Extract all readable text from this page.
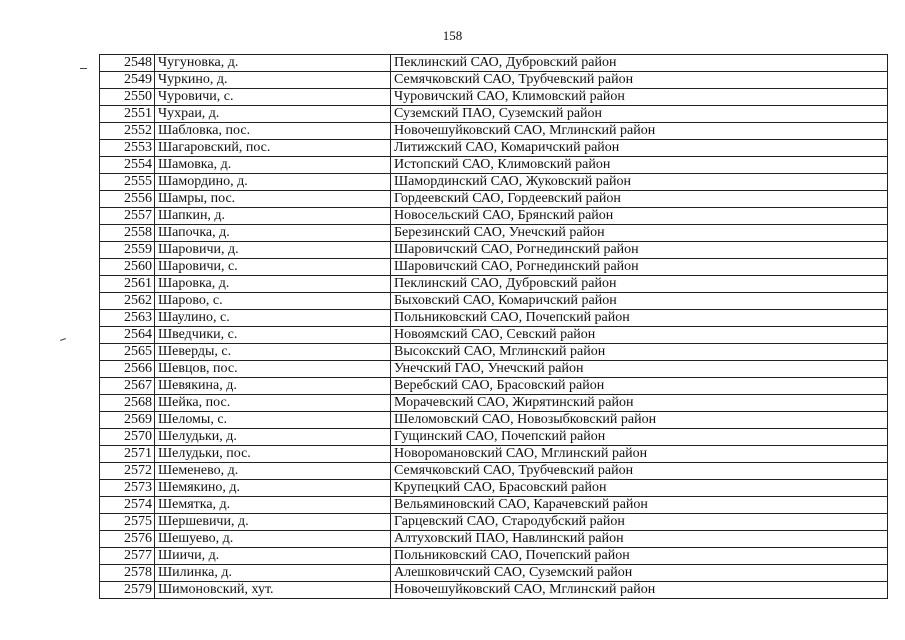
158
2548	Чугуновка, д.	Пеклинский САО, Дубровский район
2549	Чуркино, д.	Семячковский САО, Трубчевский район
2550	Чуровичи, с.	Чуровичский САО, Климовский район
2551	Чухраи, д.	Суземский ПАО, Суземский район
2552	Шабловка, пос.	Новочешуйковский САО, Мглинский район
2553	Шагаровский, пос.	Литижский САО, Комаричский район
2554	Шамовка, д.	Истопский САО, Климовский район
2555	Шамордино, д.	Шамординский САО, Жуковский район
2556	Шамры, пос.	Гордеевский САО, Гордеевский район
2557	Шапкин, д.	Новосельский САО, Брянский район
2558	Шапочка, д.	Березинский САО, Унечский район
2559	Шаровичи, д.	Шаровичский САО, Рогнединский район
2560	Шаровичи, с.	Шаровичский САО, Рогнединский район
2561	Шаровка, д.	Пеклинский САО, Дубровский район
2562	Шарово, с.	Быховский САО, Комаричский район
2563	Шаулино, с.	Польниковский САО, Почепский район
2564	Шведчики, с.	Новоямский САО, Севский район
2565	Шеверды, с.	Высокский САО, Мглинский район
2566	Шевцов, пос.	Унечский ГАО, Унечский район
2567	Шевякина, д.	Веребский САО, Брасовский район
2568	Шейка, пос.	Морачевский САО, Жирятинский район
2569	Шеломы, с.	Шеломовский САО, Новозыбковский район
2570	Шелудьки, д.	Гущинский САО, Почепский район
2571	Шелудьки, пос.	Новоромановский САО, Мглинский район
2572	Шеменево, д.	Семячковский САО, Трубчевский район
2573	Шемякино, д.	Крупецкий САО, Брасовский район
2574	Шемятка, д.	Вельяминовский САО, Карачевский район
2575	Шершевичи, д.	Гарцевский САО, Стародубский район
2576	Шешуево, д.	Алтуховский ПАО, Навлинский район
2577	Шиичи, д.	Польниковский САО, Почепский район
2578	Шилинка, д.	Алешковичский САО, Суземский район
2579	Шимоновский, хут.	Новочешуйковский САО, Мглинский район
